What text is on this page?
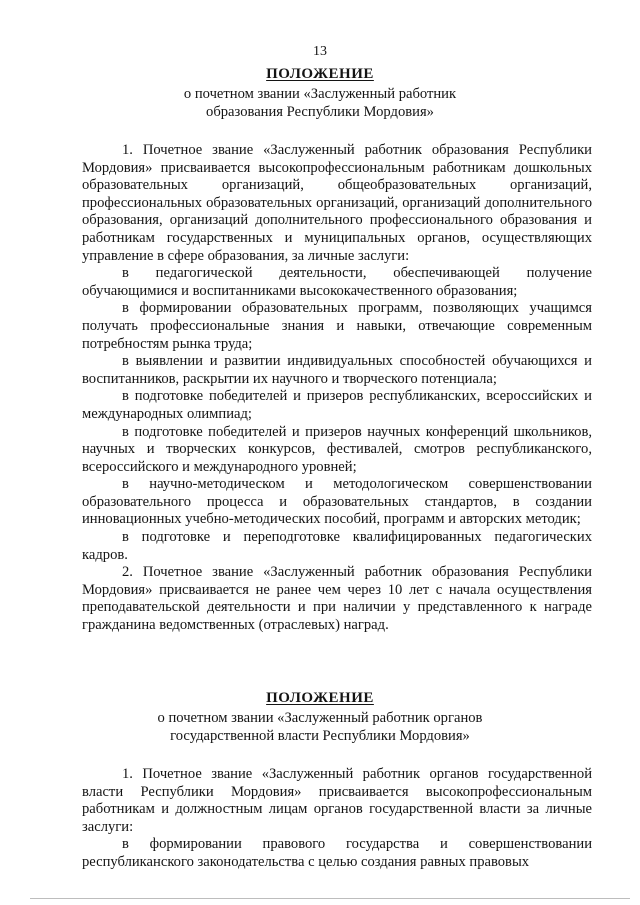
13
ПОЛОЖЕНИЕ
о почетном звании «Заслуженный работник
образования Республики Мордовия»
1. Почетное звание «Заслуженный работник образования Республики Мордовия» присваивается высокопрофессиональным работникам дошкольных образовательных организаций, общеобразовательных организаций, профессиональных образовательных организаций, организаций дополнительного образования, организаций дополнительного профессионального образования и работникам государственных и муниципальных органов, осуществляющих управление в сфере образования, за личные заслуги:
в педагогической деятельности, обеспечивающей получение обучающимися и воспитанниками высококачественного образования;
в формировании образовательных программ, позволяющих учащимся получать профессиональные знания и навыки, отвечающие современным потребностям рынка труда;
в выявлении и развитии индивидуальных способностей обучающихся и воспитанников, раскрытии их научного и творческого потенциала;
в подготовке победителей и призеров республиканских, всероссийских и международных олимпиад;
в подготовке победителей и призеров научных конференций школьников, научных и творческих конкурсов, фестивалей, смотров республиканского, всероссийского и международного уровней;
в научно-методическом и методологическом совершенствовании образовательного процесса и образовательных стандартов, в создании инновационных учебно-методических пособий, программ и авторских методик;
в подготовке и переподготовке квалифицированных педагогических кадров.
2. Почетное звание «Заслуженный работник образования Республики Мордовия» присваивается не ранее чем через 10 лет с начала осуществления преподавательской деятельности и при наличии у представленного к награде гражданина ведомственных (отраслевых) наград.
ПОЛОЖЕНИЕ
о почетном звании «Заслуженный работник органов
государственной власти Республики Мордовия»
1. Почетное звание «Заслуженный работник органов государственной власти Республики Мордовия» присваивается высокопрофессиональным работникам и должностным лицам органов государственной власти за личные заслуги:
в формировании правового государства и совершенствовании республиканского законодательства с целью создания равных правовых
